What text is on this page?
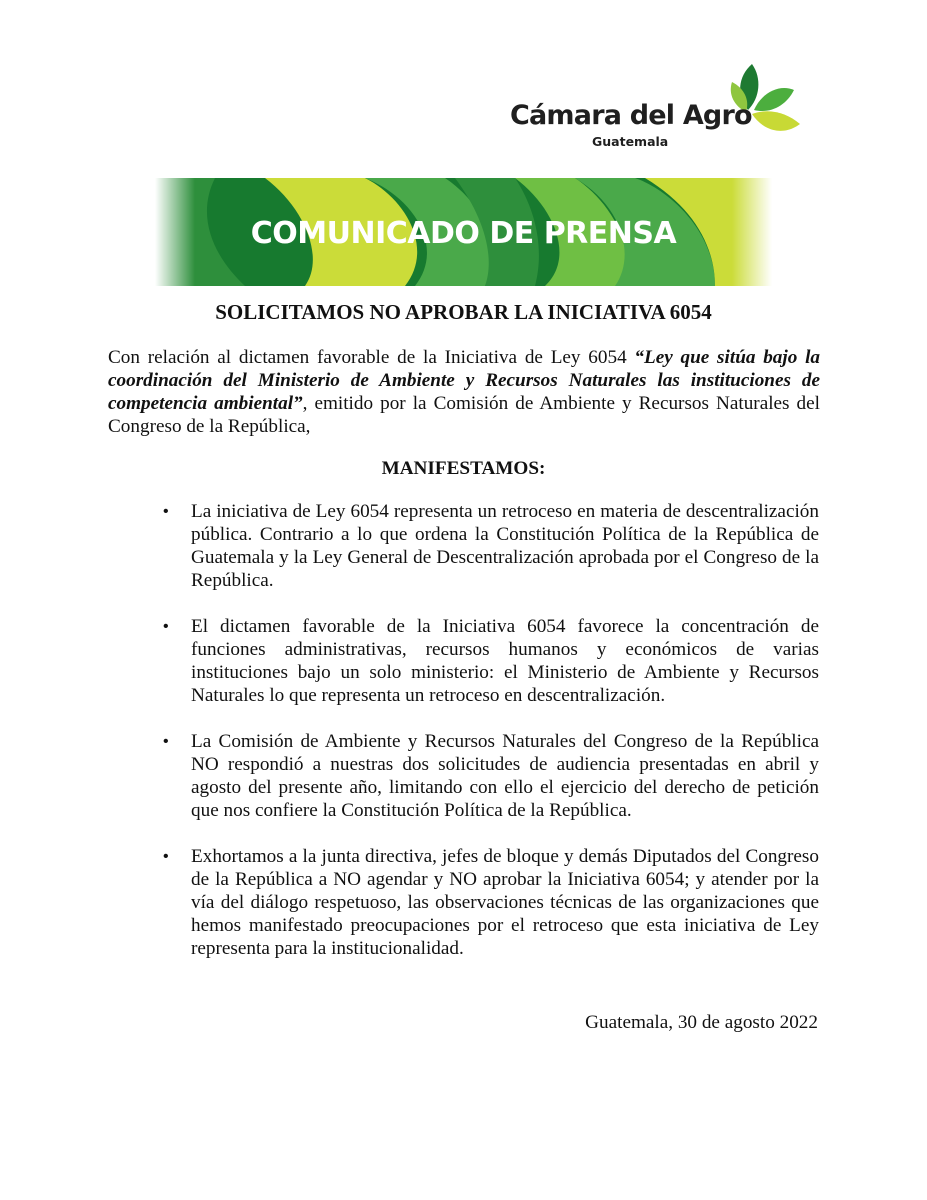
Cámara del Agro
Guatemala
COMUNICADO DE PRENSA
SOLICITAMOS NO APROBAR LA INICIATIVA 6054
Con relación al dictamen favorable de la Iniciativa de Ley 6054 “Ley que sitúa bajo la coordinación del Ministerio de Ambiente y Recursos Naturales las instituciones de competencia ambiental”, emitido por la Comisión de Ambiente y Recursos Naturales del Congreso de la República,
MANIFESTAMOS:
• La iniciativa de Ley 6054 representa un retroceso en materia de descentralización pública. Contrario a lo que ordena la Constitución Política de la República de Guatemala y la Ley General de Descentralización aprobada por el Congreso de la República.
• El dictamen favorable de la Iniciativa 6054 favorece la concentración de funciones administrativas, recursos humanos y económicos de varias instituciones bajo un solo ministerio: el Ministerio de Ambiente y Recursos Naturales lo que representa un retroceso en descentralización.
• La Comisión de Ambiente y Recursos Naturales del Congreso de la República NO respondió a nuestras dos solicitudes de audiencia presentadas en abril y agosto del presente año, limitando con ello el ejercicio del derecho de petición que nos confiere la Constitución Política de la República.
• Exhortamos a la junta directiva, jefes de bloque y demás Diputados del Congreso de la República a NO agendar y NO aprobar la Iniciativa 6054; y atender por la vía del diálogo respetuoso, las observaciones técnicas de las organizaciones que hemos manifestado preocupaciones por el retroceso que esta iniciativa de Ley representa para la institucionalidad.
Guatemala, 30 de agosto 2022
